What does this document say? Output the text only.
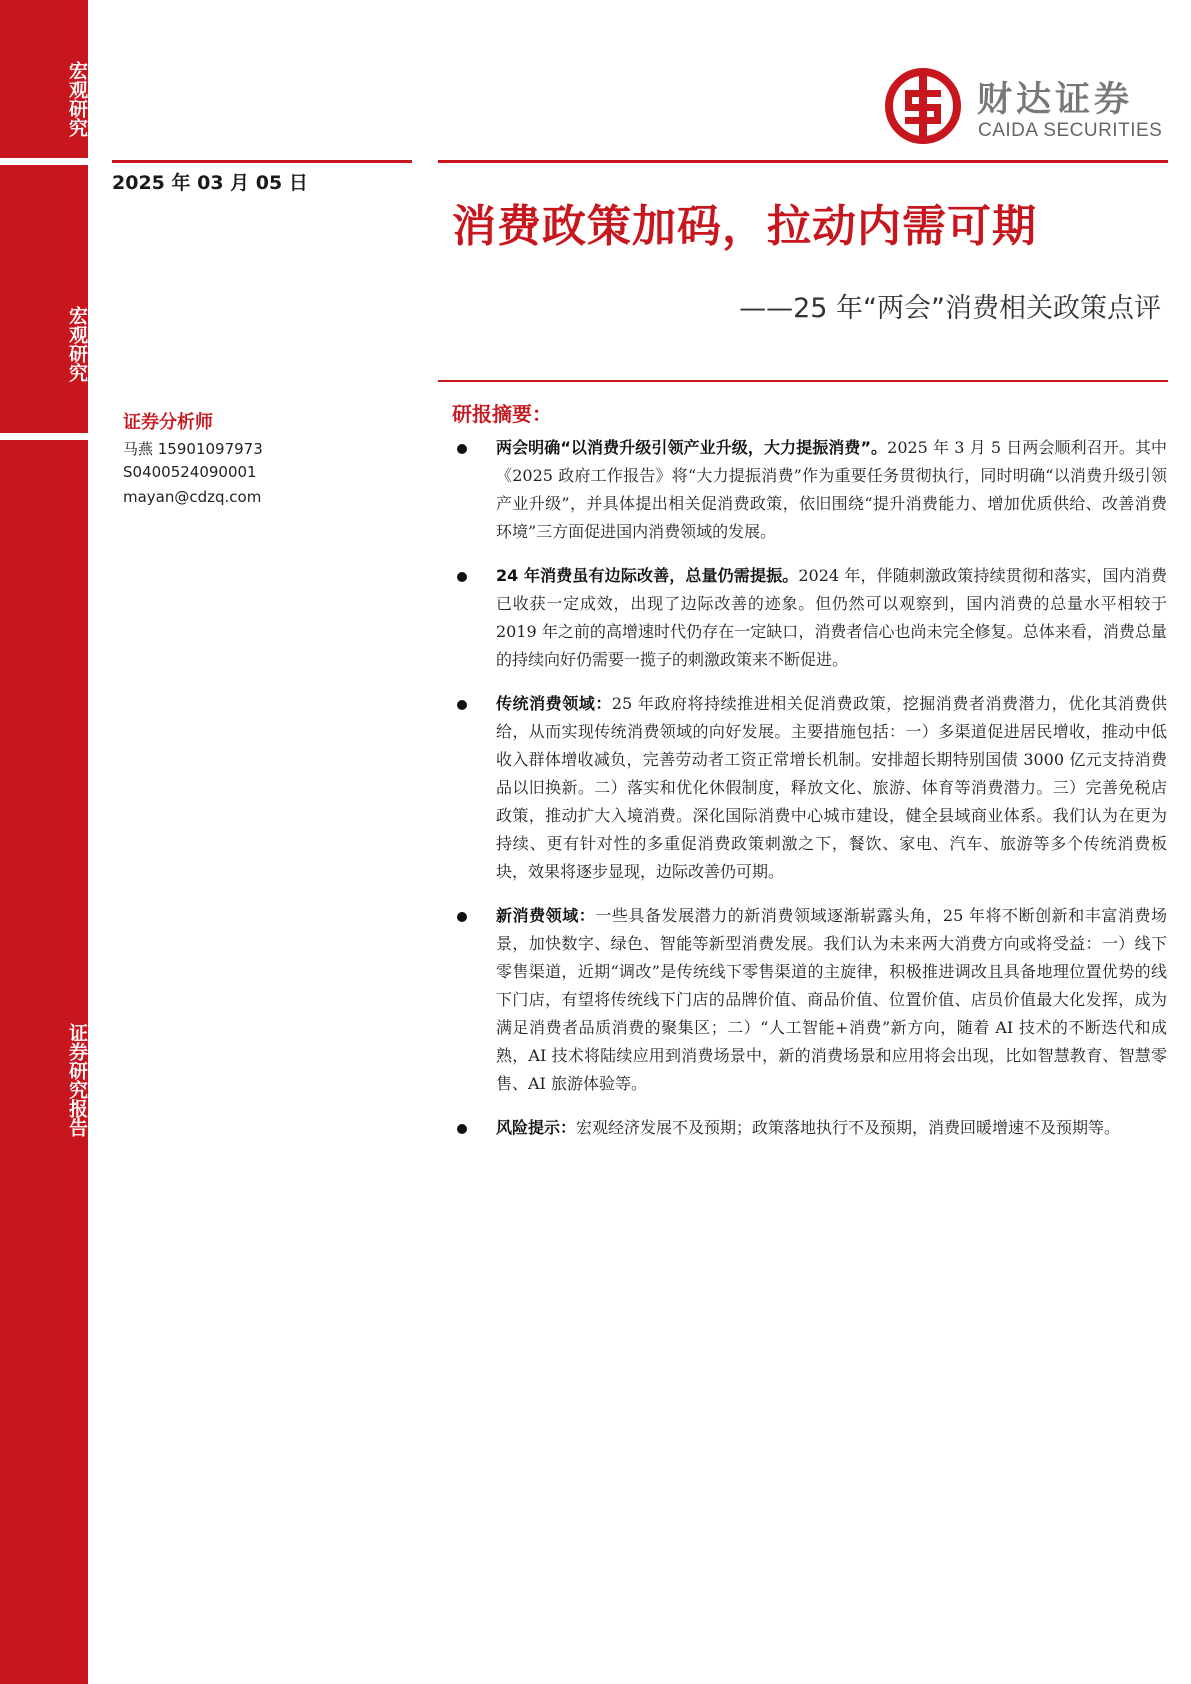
宏观研究
宏观研究
证券研究报告
财达证券
CAIDA SECURITIES
2025 年 03 月 05 日
消费政策加码，拉动内需可期
——25 年“两会”消费相关政策点评
证券分析师
马燕 15901097973
S0400524090001
mayan@cdzq.com
研报摘要：
两会明确“以消费升级引领产业升级，大力提振消费”。2025 年 3 月 5 日两会顺利召开。其中《2025 政府工作报告》将“大力提振消费”作为重要任务贯彻执行，同时明确“以消费升级引领产业升级”，并具体提出相关促消费政策，依旧围绕“提升消费能力、增加优质供给、改善消费环境”三方面促进国内消费领域的发展。
24 年消费虽有边际改善，总量仍需提振。2024 年，伴随刺激政策持续贯彻和落实，国内消费已收获一定成效，出现了边际改善的迹象。但仍然可以观察到，国内消费的总量水平相较于 2019 年之前的高增速时代仍存在一定缺口，消费者信心也尚未完全修复。总体来看，消费总量的持续向好仍需要一揽子的刺激政策来不断促进。
传统消费领域：25 年政府将持续推进相关促消费政策，挖掘消费者消费潜力，优化其消费供给，从而实现传统消费领域的向好发展。主要措施包括：一）多渠道促进居民增收，推动中低收入群体增收减负，完善劳动者工资正常增长机制。安排超长期特别国债 3000 亿元支持消费品以旧换新。二）落实和优化休假制度，释放文化、旅游、体育等消费潜力。三）完善免税店政策，推动扩大入境消费。深化国际消费中心城市建设，健全县域商业体系。我们认为在更为持续、更有针对性的多重促消费政策刺激之下，餐饮、家电、汽车、旅游等多个传统消费板块，效果将逐步显现，边际改善仍可期。
新消费领域：一些具备发展潜力的新消费领域逐渐崭露头角，25 年将不断创新和丰富消费场景，加快数字、绿色、智能等新型消费发展。我们认为未来两大消费方向或将受益：一）线下零售渠道，近期“调改”是传统线下零售渠道的主旋律，积极推进调改且具备地理位置优势的线下门店，有望将传统线下门店的品牌价值、商品价值、位置价值、店员价值最大化发挥，成为满足消费者品质消费的聚集区；二）“人工智能+消费”新方向，随着 AI 技术的不断迭代和成熟，AI 技术将陆续应用到消费场景中，新的消费场景和应用将会出现，比如智慧教育、智慧零售、AI 旅游体验等。
风险提示：宏观经济发展不及预期；政策落地执行不及预期，消费回暖增速不及预期等。
